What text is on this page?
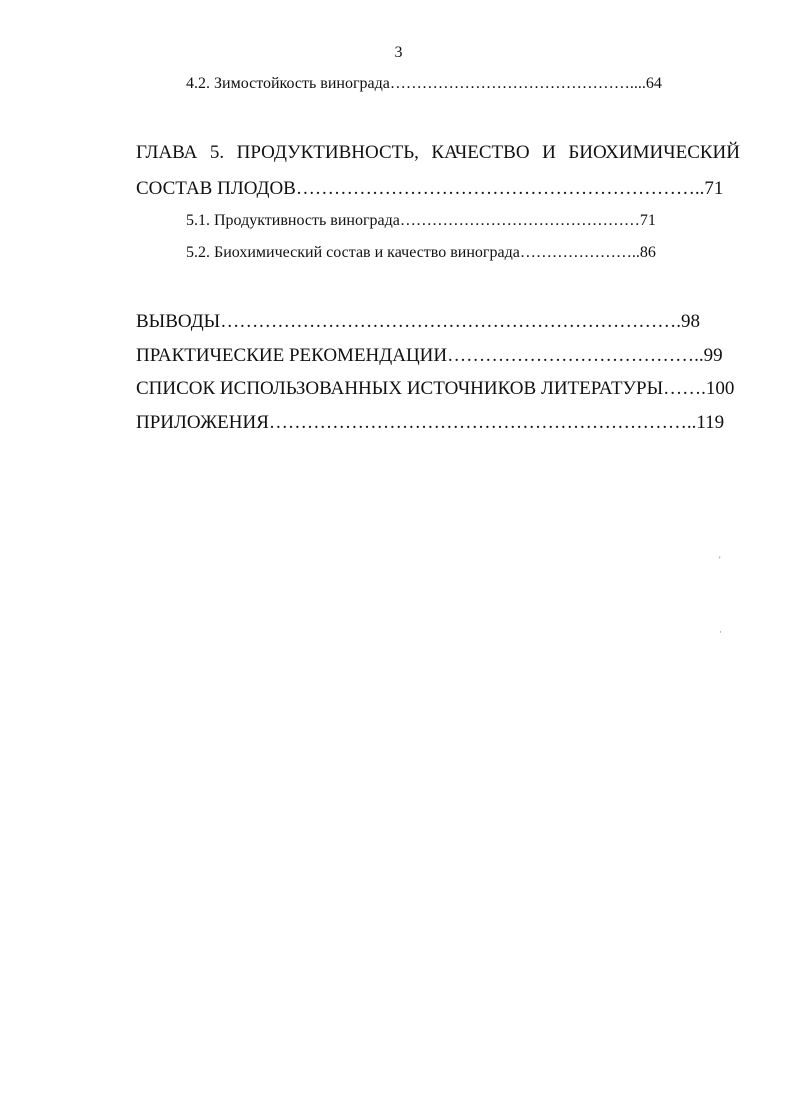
3
4.2. Зимостойкость винограда………………………………………....64
ГЛАВА 5. ПРОДУКТИВНОСТЬ, КАЧЕСТВО И БИОХИМИЧЕСКИЙ
СОСТАВ ПЛОДОВ………………………………………………………..71
5.1. Продуктивность винограда………………………………………71
5.2. Биохимический состав и качество винограда…………………..86
ВЫВОДЫ……………………………………………………………….98
ПРАКТИЧЕСКИЕ РЕКОМЕНДАЦИИ…………………………………..99
СПИСОК ИСПОЛЬЗОВАННЫХ ИСТОЧНИКОВ ЛИТЕРАТУРЫ…….100
ПРИЛОЖЕНИЯ…………………………………………………………..119
'
·
